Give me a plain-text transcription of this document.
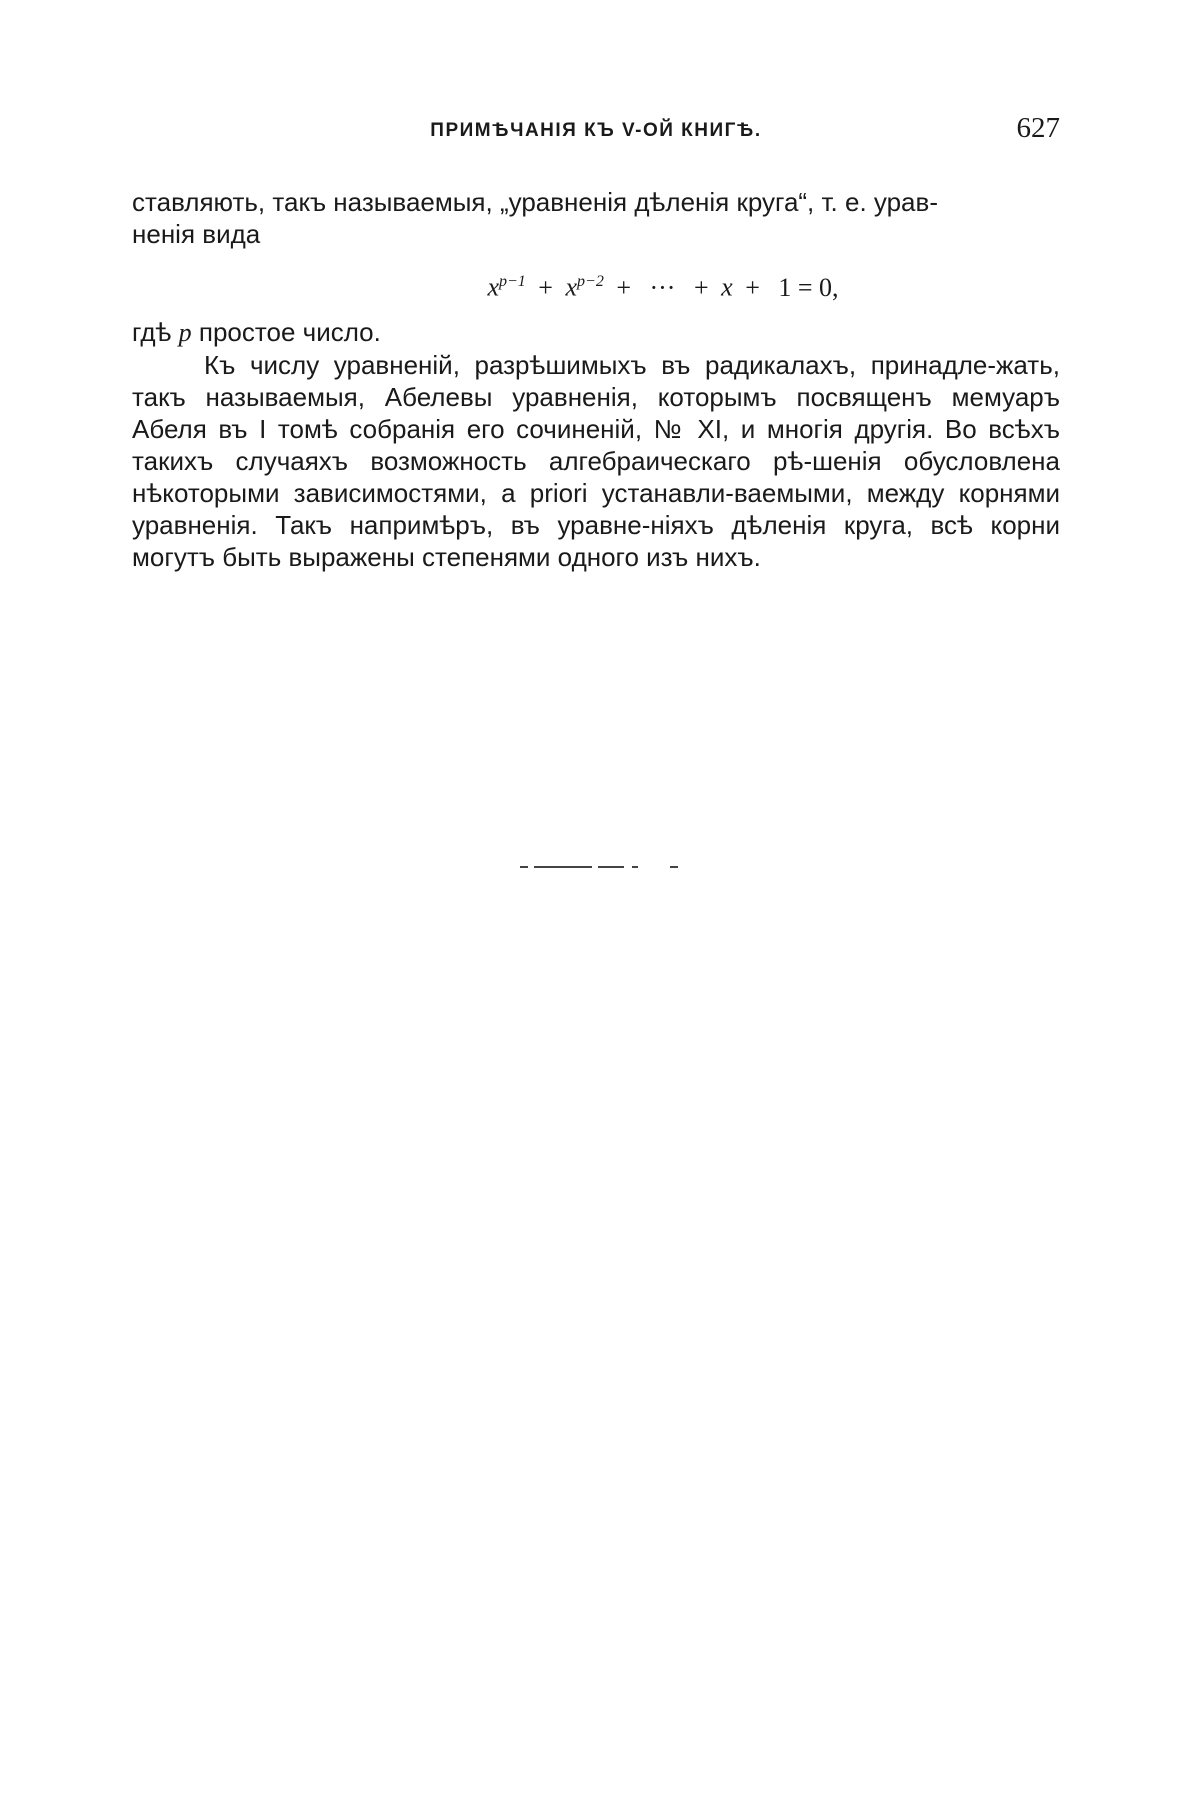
ПРИМѢЧАНІЯ КЪ V-ОЙ КНИГѢ.	627

ставляють, такъ называемыя, „уравненія дѣленія круга“, т. е. урав-
ненія вида

$x^{p-1} + x^{p-2}$ + ··· + x + 1 = 0,

гдѣ p простое число.

Къ числу уравненій, разрѣшимыхъ въ радикалахъ, принадле-жать, такъ называемыя, Абелевы уравненія, которымъ посвященъ мемуаръ Абеля въ I томѣ собранія его сочиненій, № XI, и многія другія. Во всѣхъ такихъ случаяхъ возможность алгебраическаго рѣ-шенія обусловлена нѣкоторыми зависимостями, a priori устанавли-ваемыми, между корнями уравненія. Такъ напримѣръ, въ уравне-ніяхъ дѣленія круга, всѣ корни могутъ быть выражены степенями одного изъ нихъ.
